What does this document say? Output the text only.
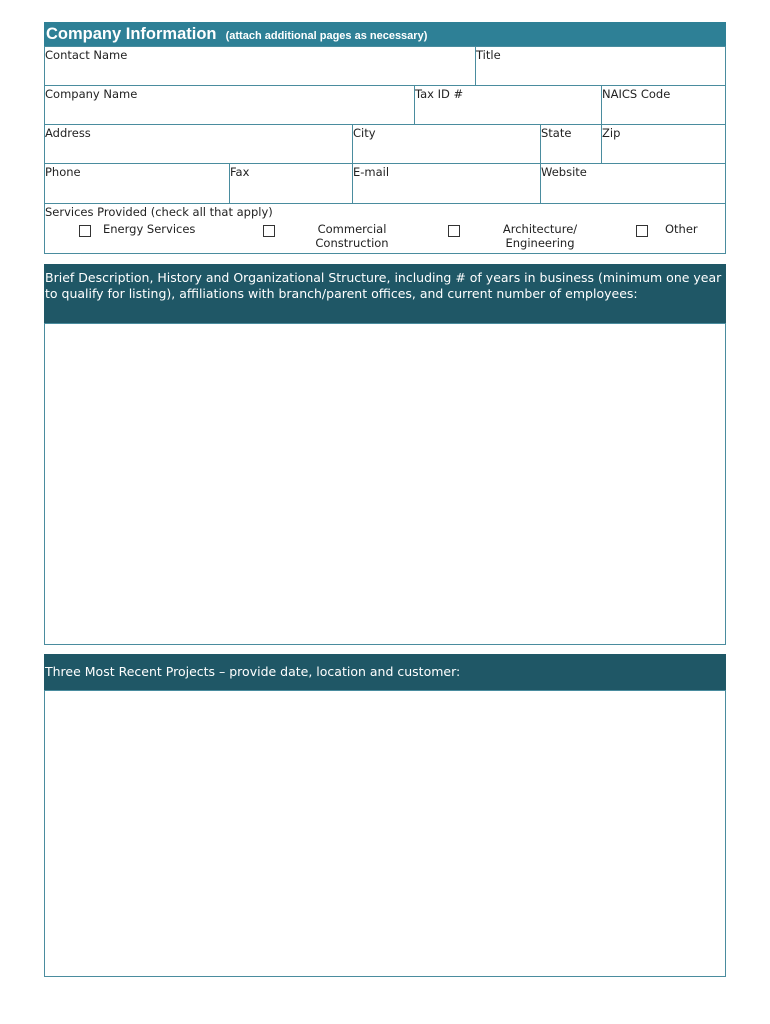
Company Information (attach additional pages as necessary)
Contact Name	Title
Company Name	Tax ID #	NAICS Code
Address	City	State	Zip
Phone	Fax	E-mail	Website
Services Provided (check all that apply)
Energy Services	Commercial
Construction
Architecture/
Engineering
Other
Brief Description, History and Organizational Structure, including # of years in business (minimum one year to qualify for listing), affiliations with branch/parent offices, and current number of employees:
Three Most Recent Projects – provide date, location and customer:
